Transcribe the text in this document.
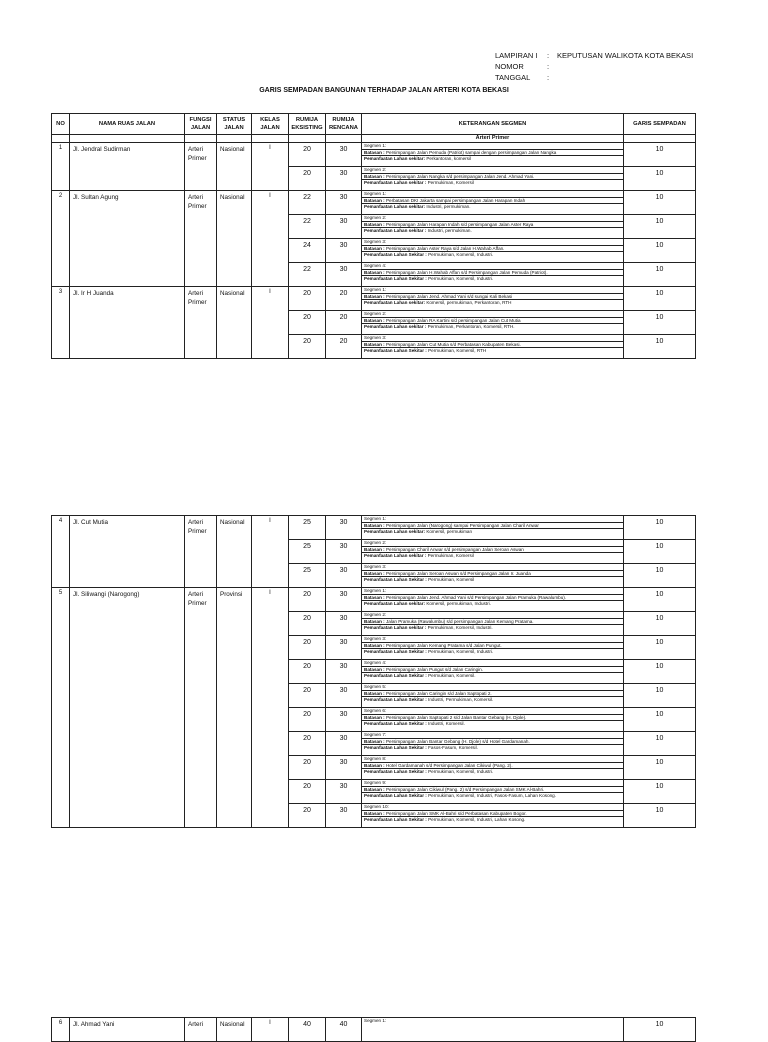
LAMPIRAN I	:	KEPUTUSAN WALIKOTA KOTA BEKASI
NOMOR	:
TANGGAL	:
GARIS SEMPADAN BANGUNAN TERHADAP JALAN ARTERI KOTA BEKASI
NO	NAMA RUAS JALAN	FUNGSI JALAN	STATUS JALAN	KELAS JALAN	RUMIJA EKSISTING	RUMIJA RENCANA	KETERANGAN SEGMEN	GARIS SEMPADAN
							Arteri Primer	
1	Jl. Jendral Sudirman	Arteri Primer	Nasional	I	20	30	Segmen 1:
Batasan : Persimpangan Jalan Pemuda (Patriot) sampai dengan persimpangan Jalan Nangka
Pemanfaatan Lahan sekitar: Perkantoran, komersil	10
					20	30	Segmen 2:
Batasan : Persimpangan Jalan Nangka s/d persimpangan Jalan Jend. Ahmad Yani.
Pemanfaatan Lahan sekitar : Permukiman, Komersil	10
2	Jl. Sultan Agung	Arteri Primer	Nasional	I	22	30	Segmen 1:
Batasan : Perbatasan DKI Jakarta sampai persimpangan Jalan Harapan Indah
Pemanfaatan Lahan sekitar: Industri, permukiman.	10
					22	30	Segmen 2:
Batasan : Persimpangan Jalan Harapan Indah s/d persimpangan Jalan Aster Raya
Pemanfaatan Lahan sekitar : Industri, permukiman.	10
					24	30	Segmen 3:
Batasan : Persimpangan Jalan Aster Raya s/d Jalan H.Wahab Affan.
Pemanfaatan Lahan Sekitar : Permukiman, Komersil, Industri.	10
					22	30	Segmen 4:
Batasan : Persimpangan Jalan H.Wahab Affan s/d Persimpangan Jalan Pemuda (Patriot).
Pemanfaatan Lahan Sekitar : Permukiman, Komersil, Industri.	10
3	Jl. Ir H Juanda	Arteri Primer	Nasional	I	20	20	Segmen 1:
Batasan : Persimpangan Jalan Jend. Ahmad Yani s/d sungai Kali Bekasi
Pemanfaatan Lahan sekitar: Komersil, permukiman, Perkantoran, RTH	10
					20	20	Segmen 2:
Batasan : Persimpangan Jalan RA Kartini s/d persimpangan Jalan Cut Mutia
Pemanfaatan Lahan sekitar : Permukiman, Perkantoran, Komersil, RTH.	10
					20	20	Segmen 3:
Batasan : Persimpangan Jalan Cut Mutia s/d Perbatasan Kabupaten Bekasi.
Pemanfaatan Lahan Sekitar : Permukiman, Komersil, RTH	10
4	Jl. Cut Mutia	Arteri Primer	Nasional	I	25	30	Segmen 1:
Batasan : Persimpangan Jalan (Narogong) sampai Persimpangan Jalan Charil Anwar
Pemanfaatan Lahan sekitar: Komersil, permukiman	10
					25	30	Segmen 2:
Batasan : Persimpangan Charil Anwar s/d persimpangan Jalan Seroan Aswan
Pemanfaatan Lahan sekitar : Permukiman, Komersil	10
					25	30	Segmen 3:
Batasan : Persimpangan Jalan Seroan Aswan s/d Persimpangan Jalan Ir. Juanda
Pemanfaatan Lahan Sekitar : Permukiman, Komersil	10
5	Jl. Siliwangi (Narogong)	Arteri Primer	Provinsi	I	20	30	Segmen 1:
Batasan : Persimpangan Jalan Jend. Ahmad Yani s/d Persimpangan Jalan Pramuka (Rawalumbu).
Pemanfaatan Lahan sekitar: Komersil, permukiman, Industri.	10
					20	30	Segmen 2:
Batasan : Jalan Pramuka (Rawalumbu) s/d persimpangan Jalan Kemang Pratama.
Pemanfaatan Lahan sekitar : Permukiman, Komersil, Industri.	10
					20	30	Segmen 3:
Batasan : Persimpangan Jalan Kemang Pratama s/d Jalan Pungut.
Pemanfaatan Lahan Sekitar : Permukiman, Komersil, Industri.	10
					20	30	Segmen 4:
Batasan : Persimpangan Jalan Pungut s/d Jalan Caringin.
Pemanfaatan Lahan Sekitar : Permukiman, Komersil.	10
					20	30	Segmen 5:
Batasan : Persimpangan Jalan Caringin s/d Jalan Saptopati 2.
Pemanfaatan Lahan Sekitar : Industri, Permukiman, Komersil.	10
					20	30	Segmen 6:
Batasan : Persimpangan Jalan Saptopati 2 s/d Jalan Bantar Gebang (H. Djole).
Pemanfaatan Lahan Sekitar : Industri, Komersil.	10
					20	30	Segmen 7:
Batasan : Persimpangan Jalan Bantar Gebang (H. Djole) s/d Hotel Gardamanah.
Pemanfaatan Lahan Sekitar : Fasos-Fasum, Komersil.	10
					20	30	Segmen 8:
Batasan : Hotel Gardamanah s/d Persimpangan Jalan Cikiwul (Pang. 2).
Pemanfaatan Lahan Sekitar : Permukiman, Komersil, Industri.	10
					20	30	Segmen 9:
Batasan : Persimpangan Jalan Cikiwul (Pang. 2) s/d Persimpangan Jalan SMK Al-Bahri.
Pemanfaatan Lahan Sekitar : Permukiman, Komersil, Industri, Fasos-Fasum, Lahan Kosong.	10
					20	30	Segmen 10:
Batasan : Persimpangan Jalan SMK Al-Bahri s/d Perbatasan Kabupaten Bogor.
Pemanfaatan Lahan Sekitar : Permukiman, Komersil, Industri, Lahan Kosong.	10
6	Jl. Ahmad Yani	Arteri	Nasional	I	40	40	
Segmen 1:
	10
